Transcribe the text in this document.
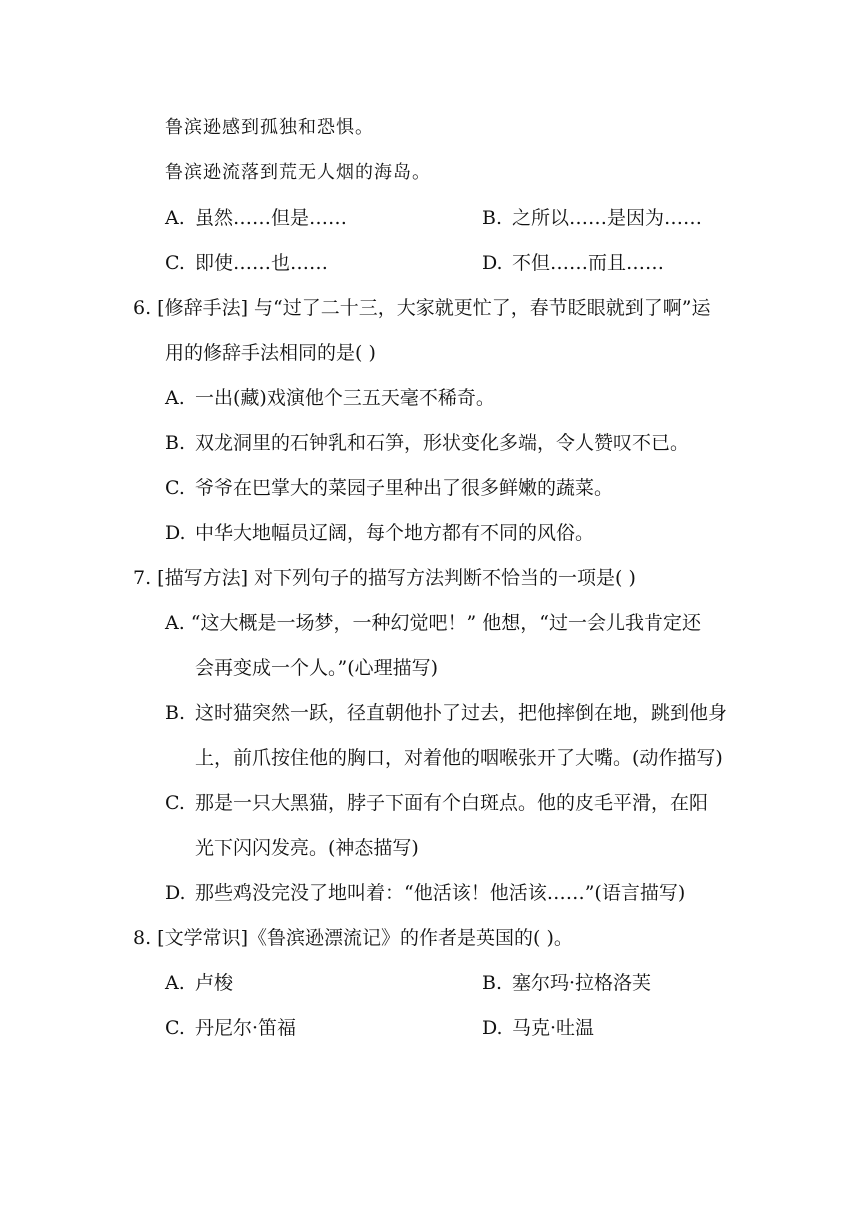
鲁滨逊感到孤独和恐惧。
鲁滨逊流落到荒无人烟的海岛。
A. 虽然……但是……	B. 之所以……是因为……
C. 即使……也……	D. 不但……而且……
6. [修辞手法] 与“过了二十三，大家就更忙了，春节眨眼就到了啊”运
用的修辞手法相同的是( )
A. 一出(藏)戏演他个三五天毫不稀奇。
B. 双龙洞里的石钟乳和石笋，形状变化多端，令人赞叹不已。
C. 爷爷在巴掌大的菜园子里种出了很多鲜嫩的蔬菜。
D. 中华大地幅员辽阔，每个地方都有不同的风俗。
7. [描写方法] 对下列句子的描写方法判断不恰当的一项是( )
A. “这大概是一场梦，一种幻觉吧！” 他想，“过一会儿我肯定还
会再变成一个人。”(心理描写)
B. 这时猫突然一跃，径直朝他扑了过去，把他摔倒在地，跳到他身
上，前爪按住他的胸口，对着他的咽喉张开了大嘴。(动作描写)
C. 那是一只大黑猫，脖子下面有个白斑点。他的皮毛平滑，在阳
光下闪闪发亮。(神态描写)
D. 那些鸡没完没了地叫着：“他活该！他活该……”(语言描写)
8. [文学常识]《鲁滨逊漂流记》的作者是英国的( )。
A. 卢梭	B. 塞尔玛·拉格洛芙
C. 丹尼尔·笛福	D. 马克·吐温
